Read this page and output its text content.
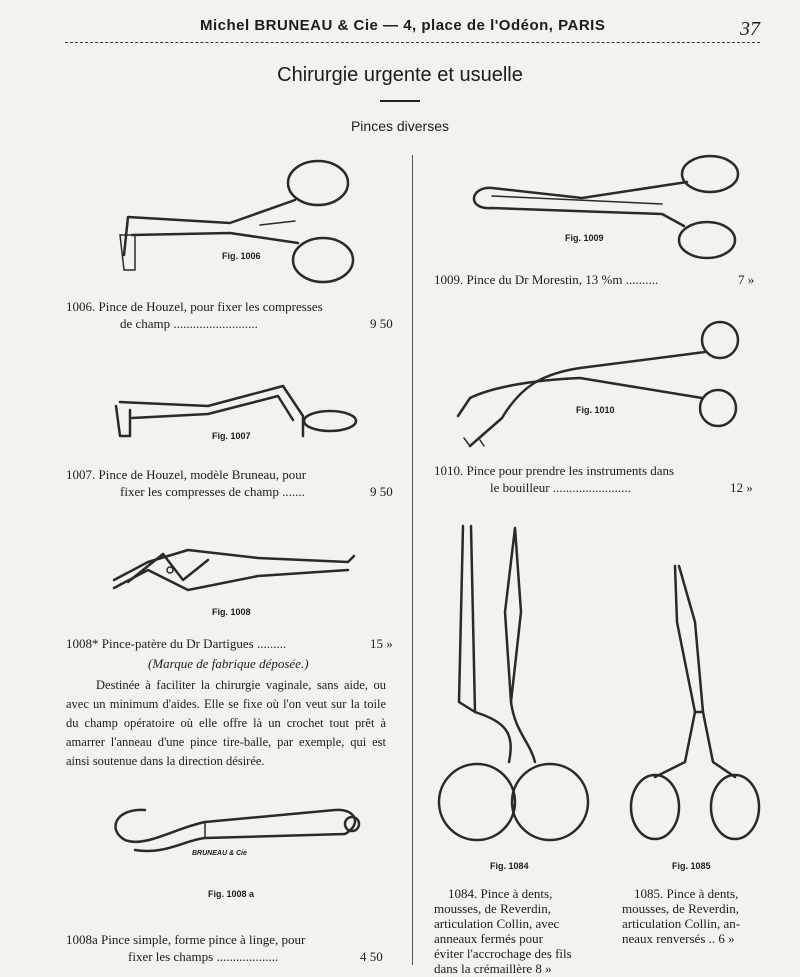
Michel BRUNEAU & Cie — 4, place de l'Odéon, PARIS	37
Chirurgie urgente et usuelle
Pinces diverses
Fig. 1006
1006. Pince de Houzel, pour fixer les compresses
de champ ..........................	9 50
Fig. 1007
1007. Pince de Houzel, modèle Bruneau, pour
fixer les compresses de champ .......	9 50
Fig. 1008
1008* Pince-patère du Dr Dartigues .........	15 »
(Marque de fabrique déposée.)
Destinée à faciliter la chirurgie vaginale, sans aide, ou avec un minimum d'aides. Elle se fixe où l'on veut sur la toile du champ opératoire où elle offre là un crochet tout prêt à amarrer l'anneau d'une pince tire-balle, par exemple, qui est ainsi soutenue dans la direction désirée.
BRUNEAU & Cie
Fig. 1008 a
1008a Pince simple, forme pince à linge, pour
fixer les champs ...................	4 50
Fig. 1009
1009. Pince du Dr Morestin, 13 %m ..........	7 »
Fig. 1010
1010. Pince pour prendre les instruments dans
le bouilleur ........................	12 »
Fig. 1084	Fig. 1085
1084. Pince à dents,
mousses, de Reverdin,
articulation Collin, avec
anneaux fermés pour
éviter l'accrochage des fils
dans la crémaillère 8 »
1085. Pince à dents,
mousses, de Reverdin,
articulation Collin, an-
neaux renversés .. 6 »
